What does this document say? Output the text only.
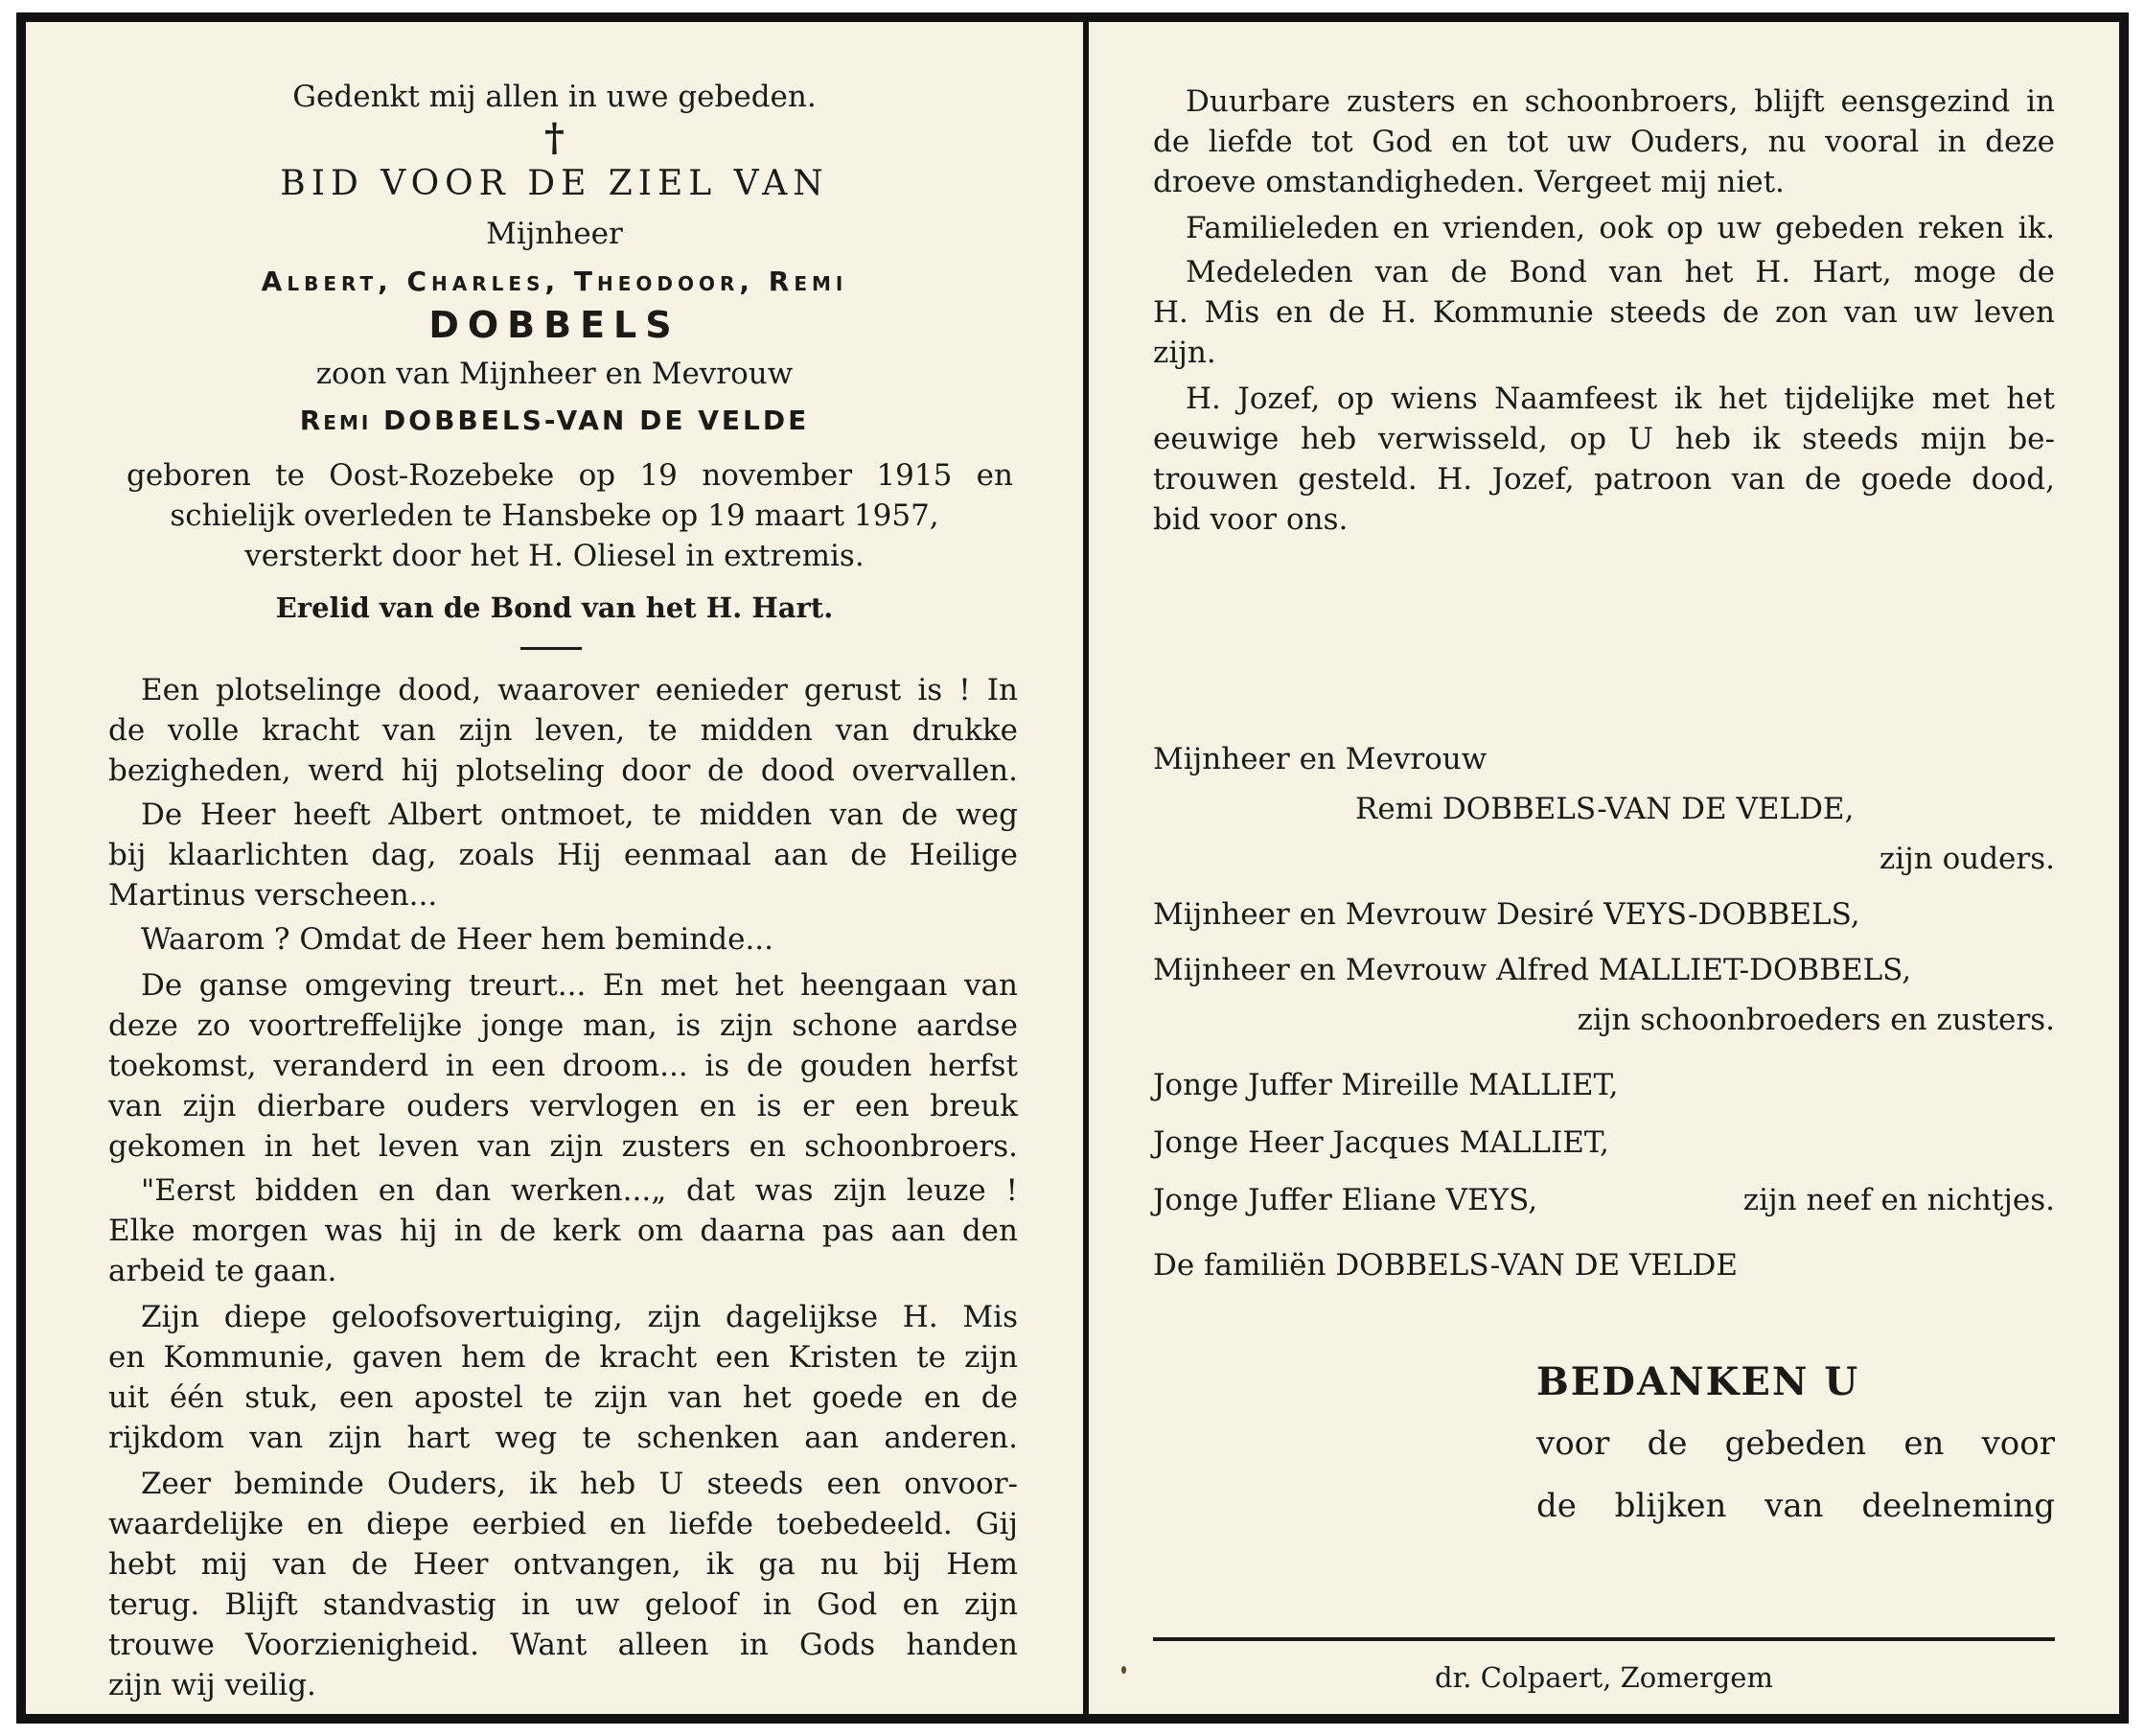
Gedenkt mij allen in uwe gebeden.

†

BID VOOR DE ZIEL VAN

Mijnheer

Albert, Charles, Theodoor, Remi

DOBBELS

zoon van Mijnheer en Mevrouw

Remi DOBBELS-VAN DE VELDE

geboren te Oost-Rozebeke op 19 november 1915 en

schielijk overleden te Hansbeke op 19 maart 1957,

versterkt door het H. Oliesel in extremis.

Erelid van de Bond van het H. Hart.

Een plotselinge dood, waarover eenieder gerust is ! In

de volle kracht van zijn leven, te midden van drukke

bezigheden, werd hij plotseling door de dood overvallen.

De Heer heeft Albert ontmoet, te midden van de weg

bij klaarlichten dag, zoals Hij eenmaal aan de Heilige

Martinus verscheen...

Waarom ? Omdat de Heer hem beminde...

De ganse omgeving treurt... En met het heengaan van

deze zo voortreffelijke jonge man, is zijn schone aardse

toekomst, veranderd in een droom... is de gouden herfst

van zijn dierbare ouders vervlogen en is er een breuk

gekomen in het leven van zijn zusters en schoonbroers.

"Eerst bidden en dan werken...„ dat was zijn leuze !

Elke morgen was hij in de kerk om daarna pas aan den

arbeid te gaan.

Zijn diepe geloofsovertuiging, zijn dagelijkse H. Mis

en Kommunie, gaven hem de kracht een Kristen te zijn

uit één stuk, een apostel te zijn van het goede en de

rijkdom van zijn hart weg te schenken aan anderen.

Zeer beminde Ouders, ik heb U steeds een onvoor-

waardelijke en diepe eerbied en liefde toebedeeld. Gij

hebt mij van de Heer ontvangen, ik ga nu bij Hem

terug. Blijft standvastig in uw geloof in God en zijn

trouwe Voorzienigheid. Want alleen in Gods handen

zijn wij veilig.

Duurbare zusters en schoonbroers, blijft eensgezind in

de liefde tot God en tot uw Ouders, nu vooral in deze

droeve omstandigheden. Vergeet mij niet.

Familieleden en vrienden, ook op uw gebeden reken ik.

Medeleden van de Bond van het H. Hart, moge de

H. Mis en de H. Kommunie steeds de zon van uw leven

zijn.

H. Jozef, op wiens Naamfeest ik het tijdelijke met het

eeuwige heb verwisseld, op U heb ik steeds mijn be-

trouwen gesteld. H. Jozef, patroon van de goede dood,

bid voor ons.

Mijnheer en Mevrouw

Remi DOBBELS-VAN DE VELDE,

zijn ouders.

Mijnheer en Mevrouw Desiré VEYS-DOBBELS,

Mijnheer en Mevrouw Alfred MALLIET-DOBBELS,

zijn schoonbroeders en zusters.

Jonge Juffer Mireille MALLIET,

Jonge Heer Jacques MALLIET,

Jonge Juffer Eliane VEYS,	zijn neef en nichtjes.

De familiën DOBBELS-VAN DE VELDE

BEDANKEN U

voor de gebeden en voor

de blijken van deelneming

dr. Colpaert, Zomergem
